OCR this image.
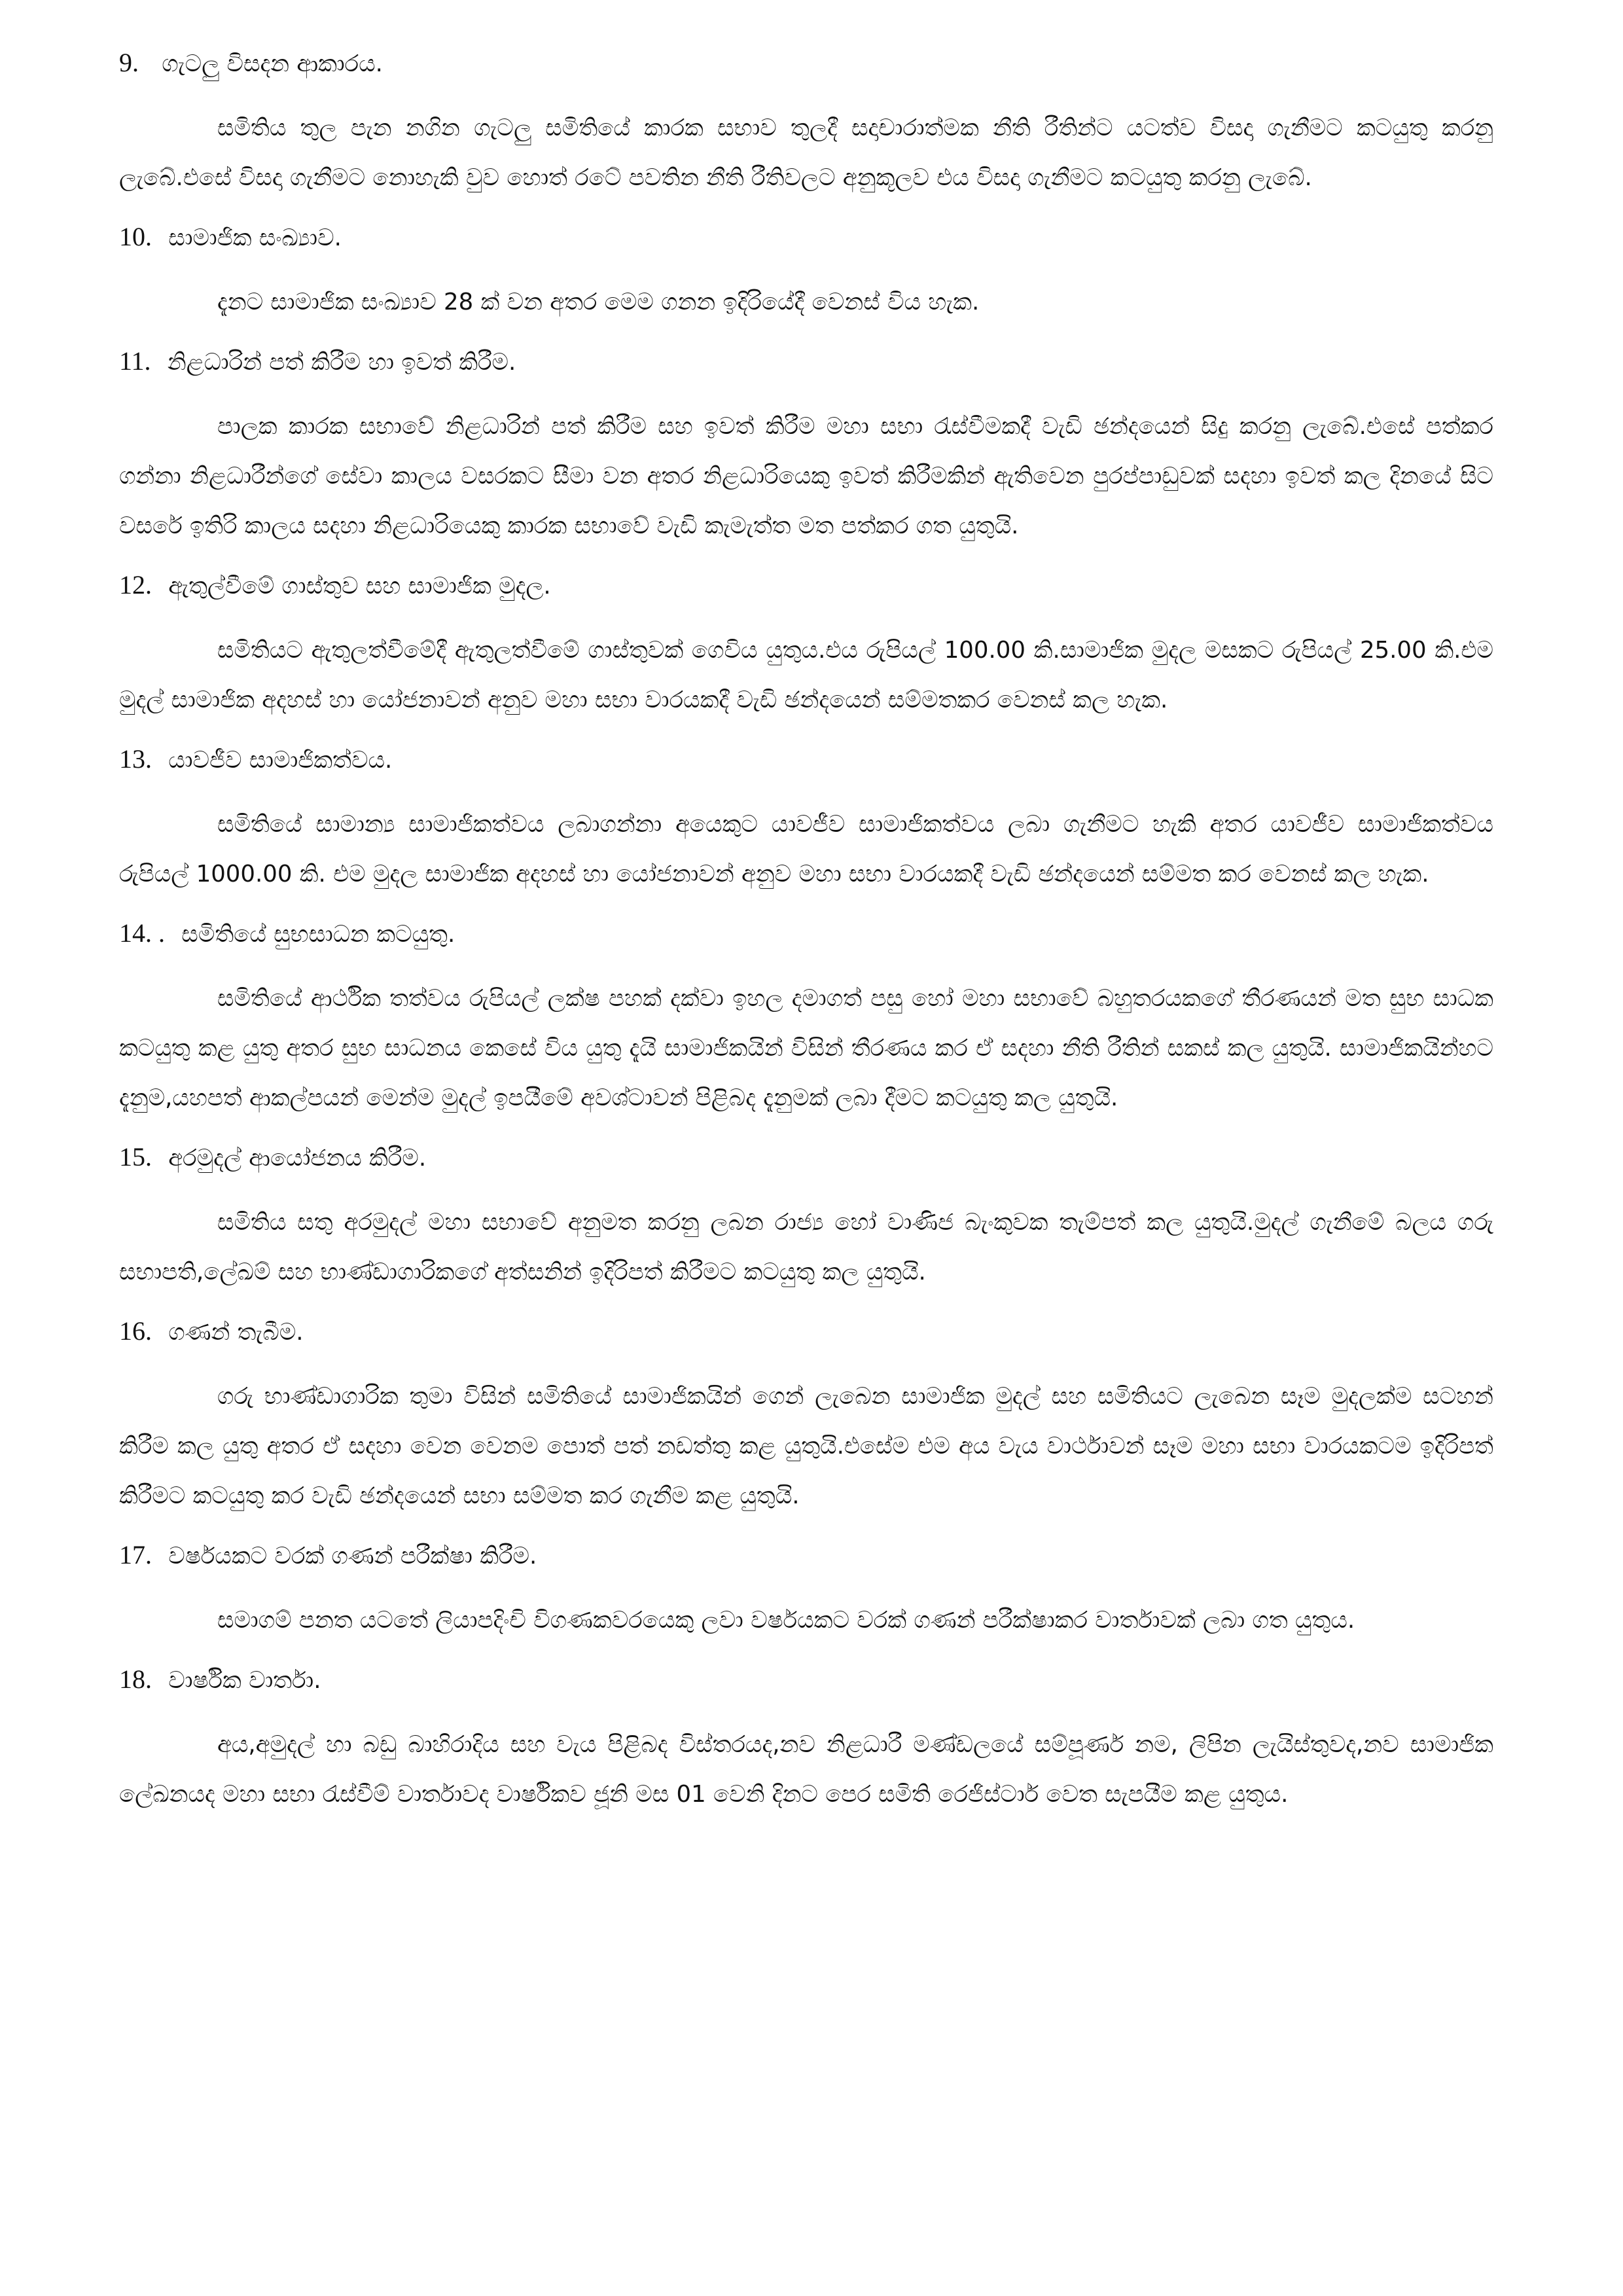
9. ගැටලු විසදන ආකාරය.

සමිතිය තුල පැන නගින ගැටලු සමිතියේ කාරක සභාව තුලදී සදාචාරාත්මක නීති රීතින්ට යටත්ව විසදා ගැනීමට කටයුතු කරනු ලැබේ.එසේ විසදා ගැනීමට නොහැකි වුව හොත් රටේ පවතින නීති රීතිවලට අනුකූලව එය විසදා ගැනීමට කටයුතු කරනු ලැබේ.

10. සාමාජික සංඛ්‍යාව.

දැනට සාමාජික සංඛ්‍යාව 28 ක් වන අතර මෙම ගනන ඉදිරියේදී වෙනස් විය හැක.

11. නිළධාරින් පත් කිරීම හා ඉවත් කිරීම.

පාලක කාරක සභාවේ නිළධාරින් පත් කිරීම සහ ඉවත් කිරීම මහා සභා රැස්වීමකදී වැඩි ඡන්දයෙන් සිදු කරනු ලැබේ.එසේ පත්කර ගන්නා නිළධාරීන්ගේ සේවා කාලය වසරකට සීමා වන අතර නිළධාරියෙකු ඉවත් කිරීමකින් ඇතිවෙන පුරප්පාඩුවක් සදහා ඉවත් කල දිනයේ සිට වසරේ ඉතිරි කාලය සදහා නිළධාරියෙකු කාරක සභාවේ වැඩි කැමැත්ත මත පත්කර ගත යුතුයි.

12. ඇතුල්වීමේ ගාස්තුව සහ සාමාජික මුදල.

සමිතියට ඇතුලත්වීමේදී ඇතුලත්වීමේ ගාස්තුවක් ගෙවිය යුතුය.එය රුපියල් 100.00 කි.සාමාජික මුදල මසකට රුපියල් 25.00 කි.එම මුදල් සාමාජික අදහස් හා යෝජනාවන් අනුව මහා සභා වාරයකදී වැඩි ඡන්දයෙන් සම්මතකර වෙනස් කල හැක.

13. යාවජීව සාමාජිකත්වය.

සමිතියේ සාමාන්‍ය සාමාජිකත්වය ලබාගන්නා අයෙකුට යාවජීව සාමාජිකත්වය ලබා ගැනීමට හැකි අතර යාවජීව සාමාජිකත්වය රුපියල් 1000.00 කි. එම මුදල සාමාජික අදහස් හා යෝජනාවන් අනුව මහා සභා වාරයකදී වැඩි ඡන්දයෙන් සම්මත කර වෙනස් කල හැක.

14. . සමිතියේ සුභසාධන කටයුතු.

සමිතියේ ආර්ථික තත්වය රුපියල් ලක්ෂ පහක් දක්වා ඉහල දමාගත් පසු හෝ මහා සභාවේ බහුතරයකගේ තීරණයන් මත සුභ සාධක කටයුතු කළ යුතු අතර සුභ සාධනය කෙසේ විය යුතු දැයි සාමාජිකයින් විසින් තීරණය කර ඒ සදහා නීති රීතින් සකස් කල යුතුයි. සාමාජිකයින්හට දැනුම,යහපත් ආකල්පයන් මෙන්ම මුදල් ඉපයීමේ අවශ්‍ටාවන් පිළිබද දැනුමක් ලබා දීමට කටයුතු කල යුතුයි.

15. අරමුදල් ආයෝජනය කිරීම.

සමිතිය සතු අරමුදල් මහා සභාවේ අනුමත කරනු ලබන රාජ්‍ය හෝ වාණිජ බැංකුවක තැම්පත් කල යුතුයි.මුදල් ගැනීමේ බලය ගරු සභාපති,ලේඛම් සහ භාණ්ඩාගාරිකගේ අත්සනින් ඉදිරිපත් කිරීමට කටයුතු කල යුතුයි.

16. ගණන් තැබීම.

ගරු භාණ්ඩාගාරික තුමා විසින් සමිතියේ සාමාජිකයින් ගෙන් ලැබෙන සාමාජික මුදල් සහ සමිතියට ලැබෙන සෑම මුදලක්ම සටහන් කිරීම කල යුතු අතර ඒ සදහා වෙන වෙනම පොත් පත් නඩත්තු කළ යුතුයි.එසේම එම අය වැය වාර්ථාවන් සෑම මහා සභා වාරයකටම ඉදිරිපත් කිරීමට කටයුතු කර වැඩි ඡන්දයෙන් සභා සම්මත කර ගැනීම කළ යුතුයි.

17. වර්ෂයකට වරක් ගණන් පරීක්ෂා කිරීම.

සමාගම් පනත යටතේ ලියාපදිංචි විගණකවරයෙකු ලවා වර්ෂයකට වරක් ගණන් පරීක්ෂාකර වාර්තාවක් ලබා ගත යුතුය.

18. වාර්ෂික වාර්තා.

අය,අමුදල් හා බඩු බාහිරාදිය සහ වැය පිළිබද විස්තරයද,නව නිළධාරී මණ්ඩලයේ සම්පූර්ණ නම, ලිපින ලැයිස්තුවද,නව සාමාජික ලේඛනයද මහා සභා රැස්වීම් වාර්තාවද වාර්ෂිකව ජූනි මස 01 වෙනි දිනට පෙර සමිති රෙජිස්ටාර් වෙත සැපයීම කළ යුතුය.
